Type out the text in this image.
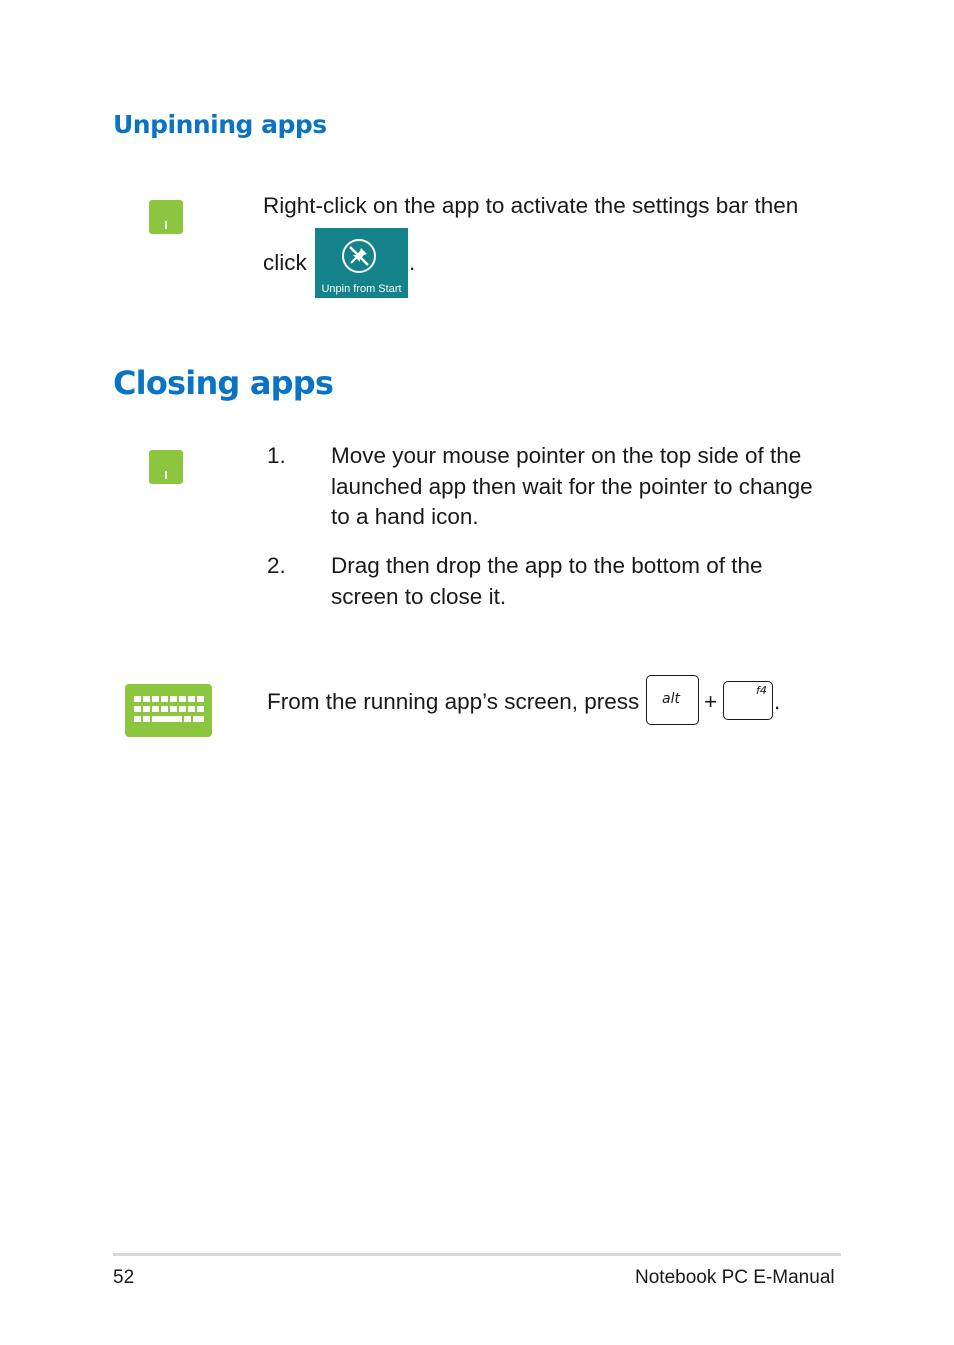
Unpinning apps
Right-click on the app to activate the settings bar then
click
Unpin from Start
.
Closing apps
1. Move your mouse pointer on the top side of the
launched app then wait for the pointer to change
to a hand icon.
2. Drag then drop the app to the bottom of the
screen to close it.
From the running app’s screen, press alt +	f4 .
52	Notebook PC E-Manual
